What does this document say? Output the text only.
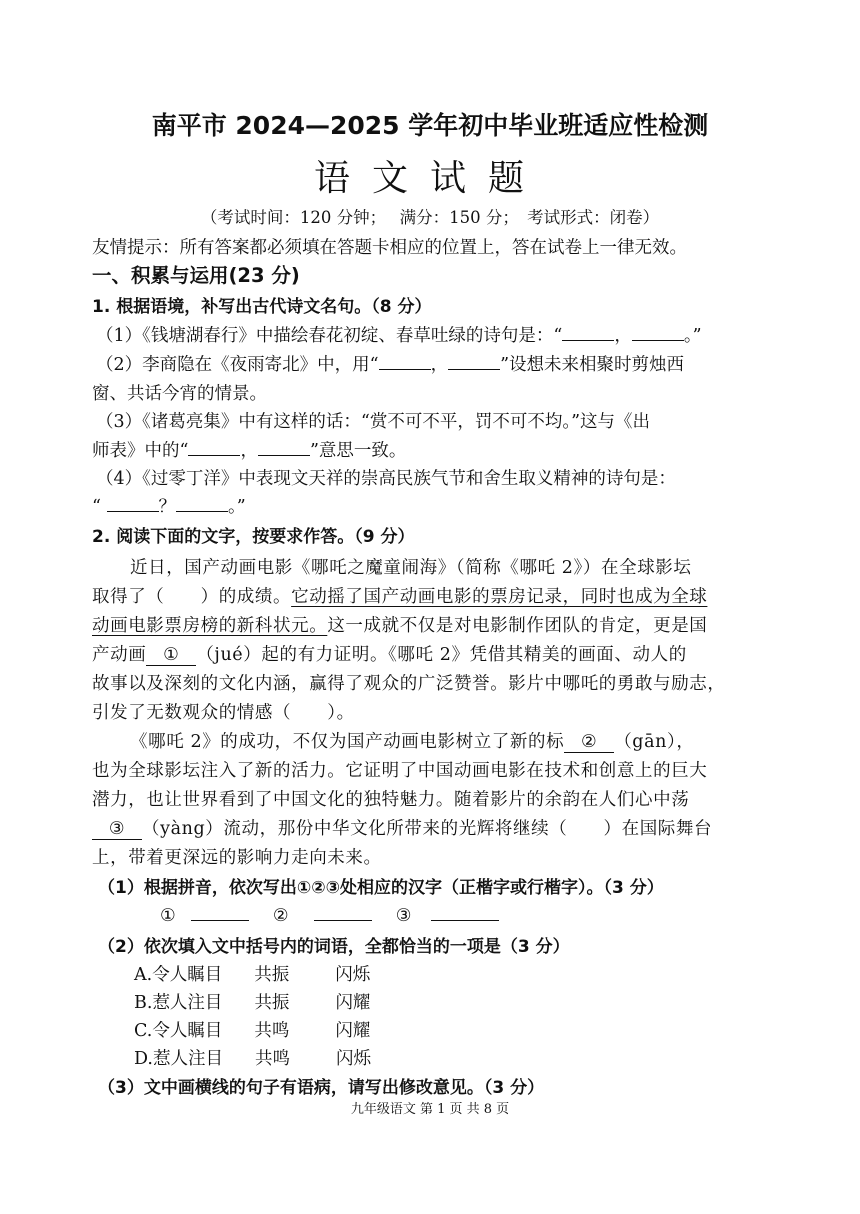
南平市 2024—2025 学年初中毕业班适应性检测
语文试题
（考试时间：120 分钟；　 满分：150 分；　考试形式：闭卷）
友情提示：所有答案都必须填在答题卡相应的位置上，答在试卷上一律无效。
一、积累与运用(23 分)
1. 根据语境，补写出古代诗文名句。（8 分）
（1）《钱塘湖春行》中描绘春花初绽、春草吐绿的诗句是：“	，	。”
（2）李商隐在《夜雨寄北》中，用“	，	”设想未来相聚时剪烛西
窗、共话今宵的情景。
（3）《诸葛亮集》中有这样的话：“赏不可不平，罚不可不均。”这与《出
师表》中的“	，	”意思一致。
（4）《过零丁洋》中表现文天祥的崇高民族气节和舍生取义精神的诗句是：
“	？	。”
2. 阅读下面的文字，按要求作答。（9 分）
近日，国产动画电影《哪吒之魔童闹海》（简称《哪吒 2》）在全球影坛
取得了（　　）的成绩。它动摇了国产动画电影的票房记录，同时也成为全球
动画电影票房榜的新科状元。这一成就不仅是对电影制作团队的肯定，更是国
产动画 ① （jué）起的有力证明。《哪吒 2》凭借其精美的画面、动人的
故事以及深刻的文化内涵，赢得了观众的广泛赞誉。影片中哪吒的勇敢与励志，
引发了无数观众的情感（　　）。
《哪吒 2》的成功，不仅为国产动画电影树立了新的标 ② （gān），
也为全球影坛注入了新的活力。它证明了中国动画电影在技术和创意上的巨大
潜力，也让世界看到了中国文化的独特魅力。随着影片的余韵在人们心中荡
③ （yàng）流动，那份中华文化所带来的光辉将继续（　　）在国际舞台
上，带着更深远的影响力走向未来。
（1）根据拼音，依次写出①②③处相应的汉字（正楷字或行楷字）。（3 分）
①	②	③
（2）依次填入文中括号内的词语，全都恰当的一项是（3 分）
A.令人瞩目 共振	闪烁
B.惹人注目 共振	闪耀
C.令人瞩目 共鸣	闪耀
D.惹人注目 共鸣	闪烁
（3）文中画横线的句子有语病，请写出修改意见。（3 分）
九年级语文 第 1 页 共 8 页
